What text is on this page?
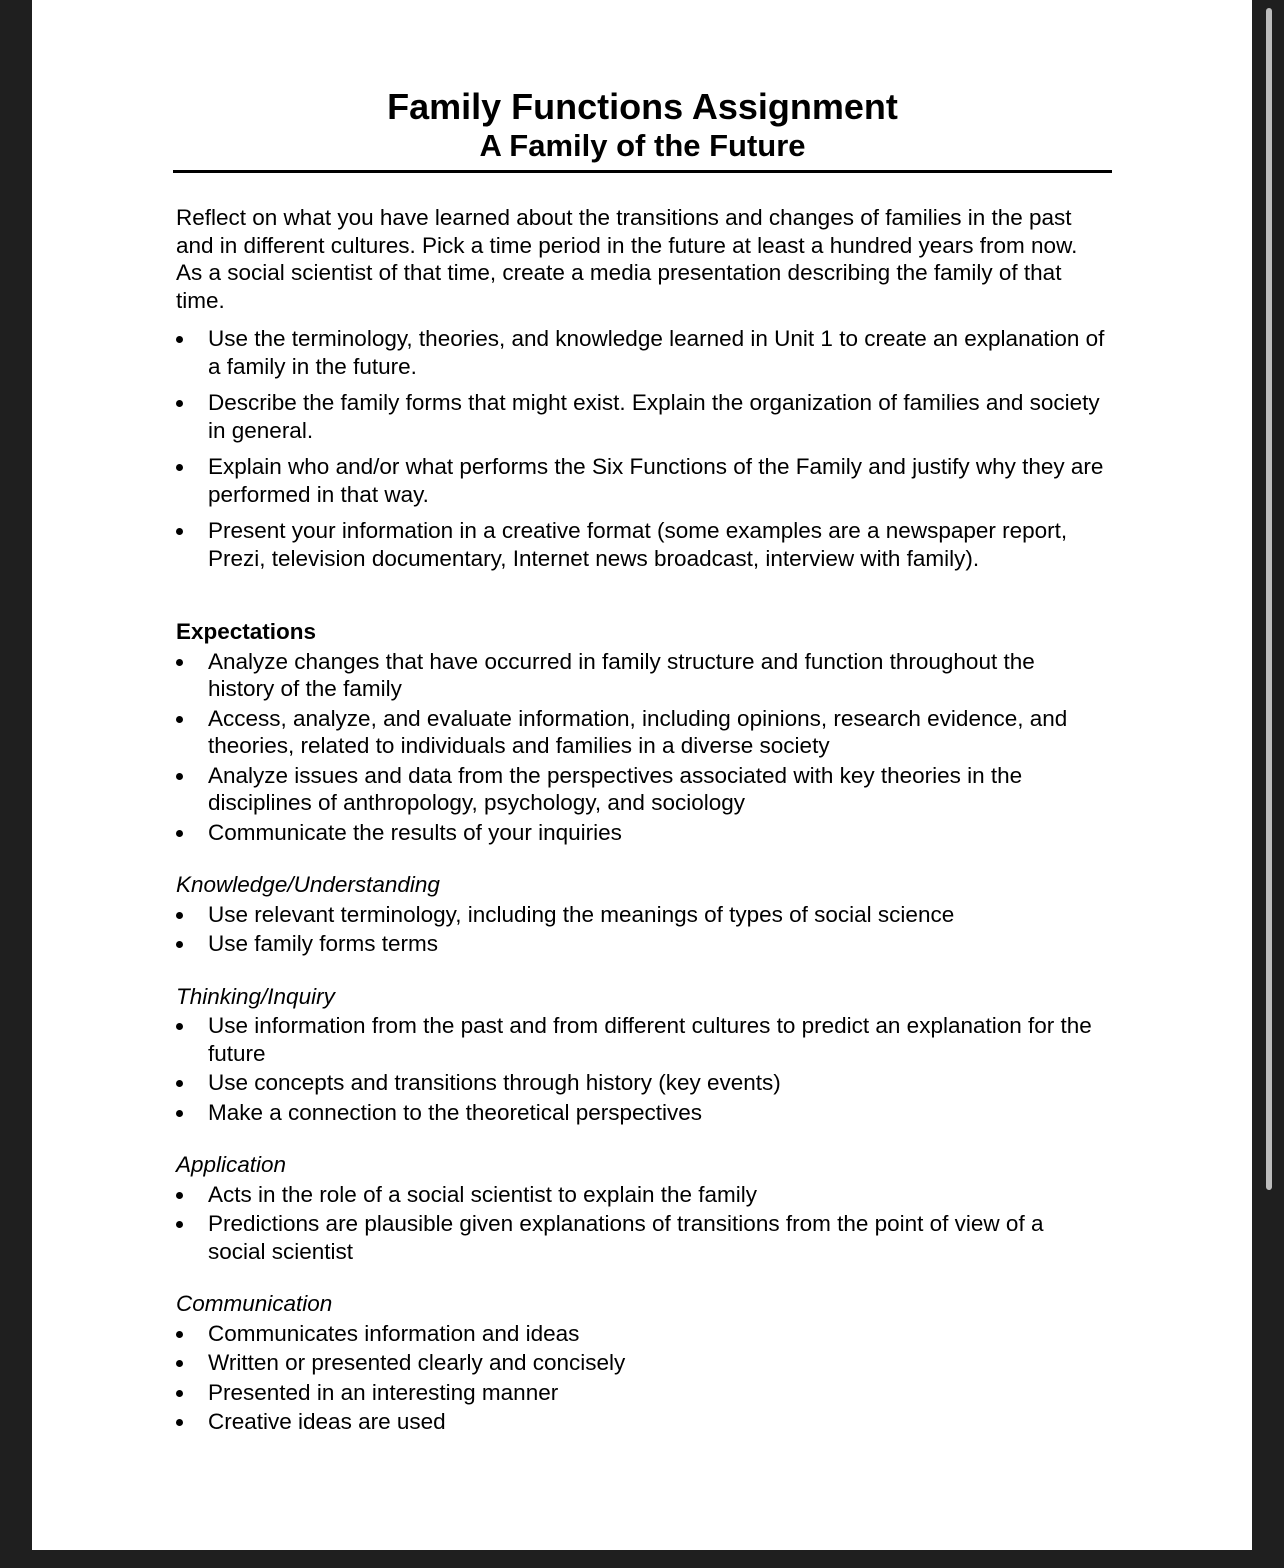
Family Functions Assignment
A Family of the Future

Reflect on what you have learned about the transitions and changes of families in the past and in different cultures. Pick a time period in the future at least a hundred years from now. As a social scientist of that time, create a media presentation describing the family of that time.

Use the terminology, theories, and knowledge learned in Unit 1 to create an explanation of a family in the future.
Describe the family forms that might exist. Explain the organization of families and society in general.
Explain who and/or what performs the Six Functions of the Family and justify why they are performed in that way.
Present your information in a creative format (some examples are a newspaper report, Prezi, television documentary, Internet news broadcast, interview with family).
Expectations
Analyze changes that have occurred in family structure and function throughout the history of the family
Access, analyze, and evaluate information, including opinions, research evidence, and theories, related to individuals and families in a diverse society
Analyze issues and data from the perspectives associated with key theories in the disciplines of anthropology, psychology, and sociology
Communicate the results of your inquiries
Knowledge/Understanding
Use relevant terminology, including the meanings of types of social science
Use family forms terms
Thinking/Inquiry
Use information from the past and from different cultures to predict an explanation for the future
Use concepts and transitions through history (key events)
Make a connection to the theoretical perspectives
Application
Acts in the role of a social scientist to explain the family
Predictions are plausible given explanations of transitions from the point of view of a social scientist
Communication
Communicates information and ideas
Written or presented clearly and concisely
Presented in an interesting manner
Creative ideas are used
